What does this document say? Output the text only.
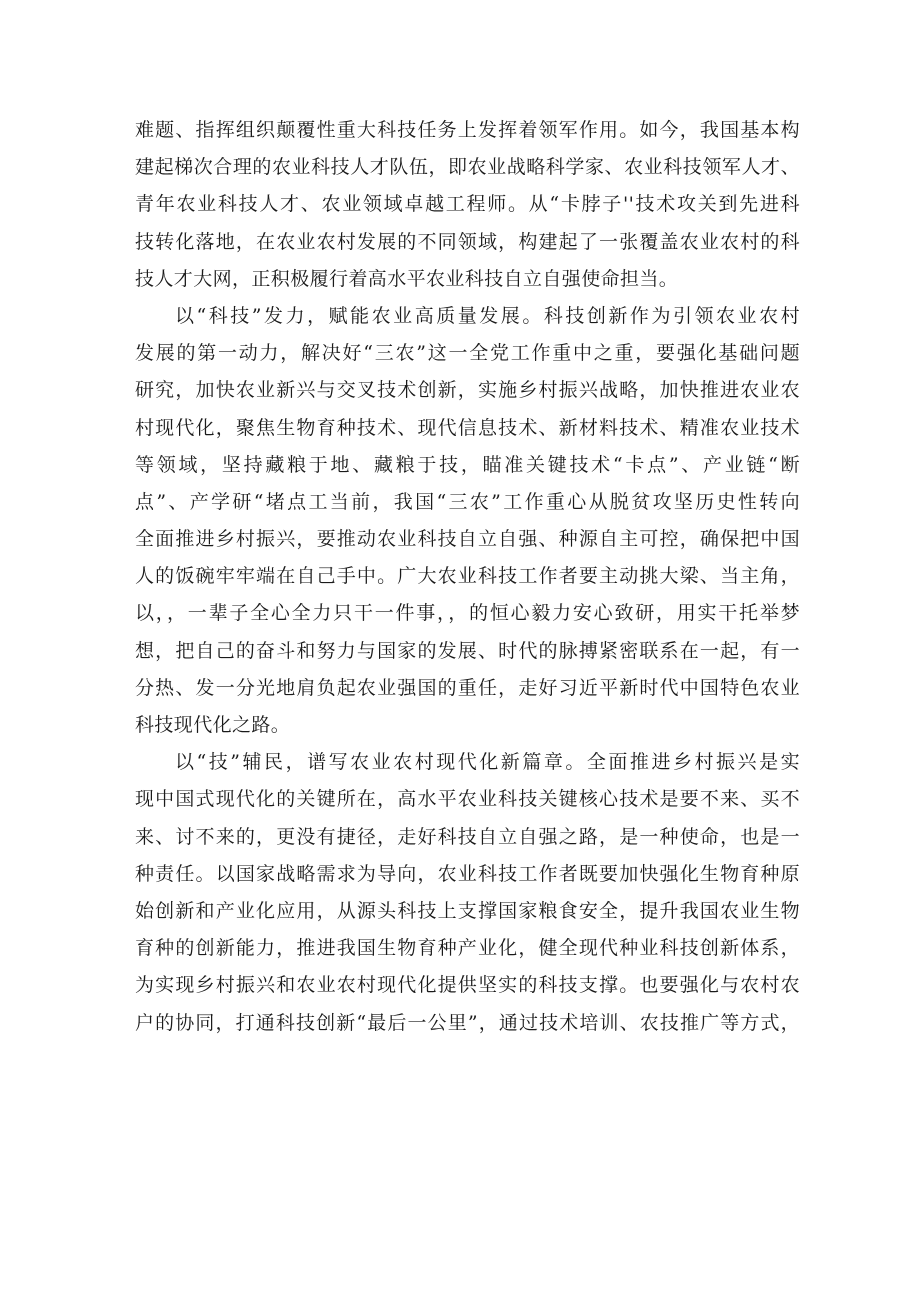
难题、指挥组织颠覆性重大科技任务上发挥着领军作用。如今，我国基本构
建起梯次合理的农业科技人才队伍，即农业战略科学家、农业科技领军人才、
青年农业科技人才、农业领域卓越工程师。从“卡脖子''技术攻关到先进科
技转化落地，在农业农村发展的不同领域，构建起了一张覆盖农业农村的科
技人才大网，正积极履行着高水平农业科技自立自强使命担当。
以“科技”发力，赋能农业高质量发展。科技创新作为引领农业农村
发展的第一动力，解决好“三农”这一全党工作重中之重，要强化基础问题
研究，加快农业新兴与交叉技术创新，实施乡村振兴战略，加快推进农业农
村现代化，聚焦生物育种技术、现代信息技术、新材料技术、精准农业技术
等领域，坚持藏粮于地、藏粮于技，瞄准关键技术“卡点”、产业链“断
点”、产学研“堵点工当前，我国“三农”工作重心从脱贫攻坚历史性转向
全面推进乡村振兴，要推动农业科技自立自强、种源自主可控，确保把中国
人的饭碗牢牢端在自己手中。广大农业科技工作者要主动挑大梁、当主角，
以，，一辈子全心全力只干一件事，，的恒心毅力安心致研，用实干托举梦
想，把自己的奋斗和努力与国家的发展、时代的脉搏紧密联系在一起，有一
分热、发一分光地肩负起农业强国的重任，走好习近平新时代中国特色农业
科技现代化之路。
以“技”辅民，谱写农业农村现代化新篇章。全面推进乡村振兴是实
现中国式现代化的关键所在，高水平农业科技关键核心技术是要不来、买不
来、讨不来的，更没有捷径，走好科技自立自强之路，是一种使命，也是一
种责任。以国家战略需求为导向，农业科技工作者既要加快强化生物育种原
始创新和产业化应用，从源头科技上支撑国家粮食安全，提升我国农业生物
育种的创新能力，推进我国生物育种产业化，健全现代种业科技创新体系，
为实现乡村振兴和农业农村现代化提供坚实的科技支撑。也要强化与农村农
户的协同，打通科技创新“最后一公里”，通过技术培训、农技推广等方式，
